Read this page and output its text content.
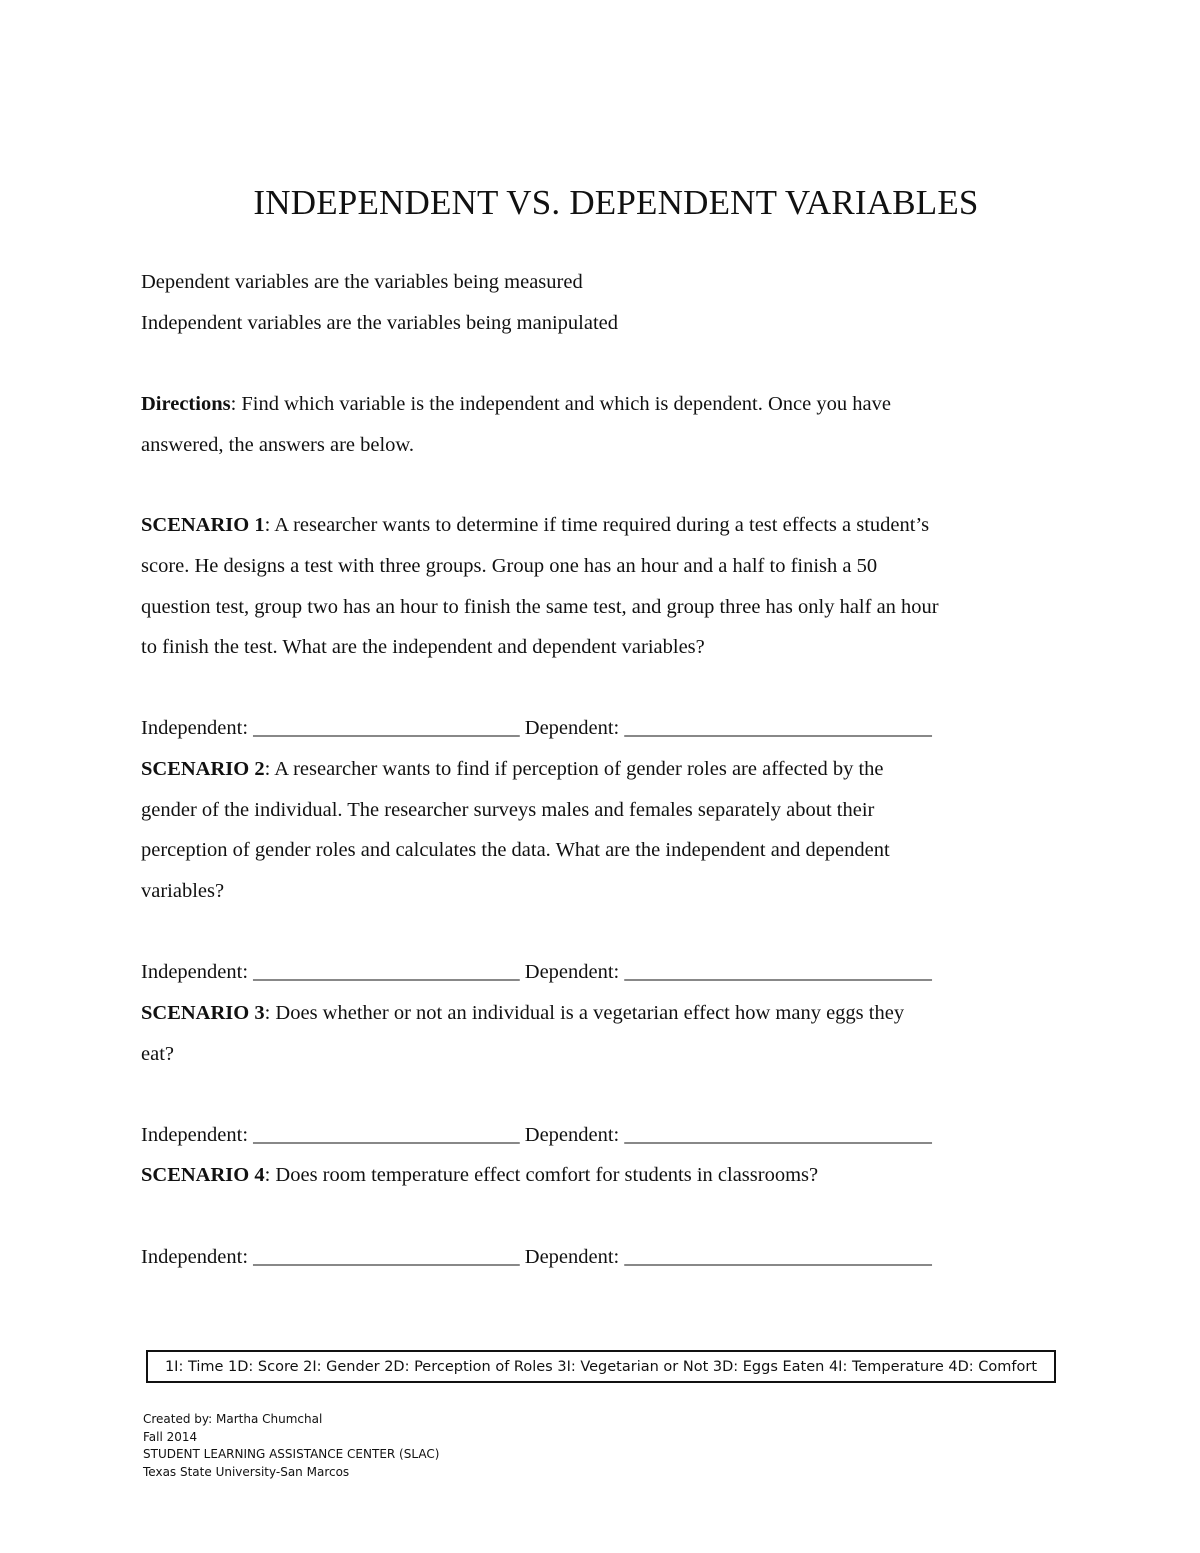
INDEPENDENT VS. DEPENDENT VARIABLES
Dependent variables are the variables being measured
Independent variables are the variables being manipulated
Directions: Find which variable is the independent and which is dependent. Once you have
answered, the answers are below.
SCENARIO 1: A researcher wants to determine if time required during a test effects a student’s
score. He designs a test with three groups. Group one has an hour and a half to finish a 50
question test, group two has an hour to finish the same test, and group three has only half an hour
to finish the test. What are the independent and dependent variables?
Independent: __________________________ Dependent: ______________________________
SCENARIO 2: A researcher wants to find if perception of gender roles are affected by the
gender of the individual. The researcher surveys males and females separately about their
perception of gender roles and calculates the data. What are the independent and dependent
variables?
Independent: __________________________ Dependent: ______________________________
SCENARIO 3: Does whether or not an individual is a vegetarian effect how many eggs they
eat?
Independent: __________________________ Dependent: ______________________________
SCENARIO 4: Does room temperature effect comfort for students in classrooms?
Independent: __________________________ Dependent: ______________________________
1I: Time 1D: Score 2I: Gender 2D: Perception of Roles 3I: Vegetarian or Not 3D: Eggs Eaten 4I: Temperature 4D: Comfort
Created by: Martha Chumchal
Fall 2014
STUDENT LEARNING ASSISTANCE CENTER (SLAC)
Texas State University-San Marcos
